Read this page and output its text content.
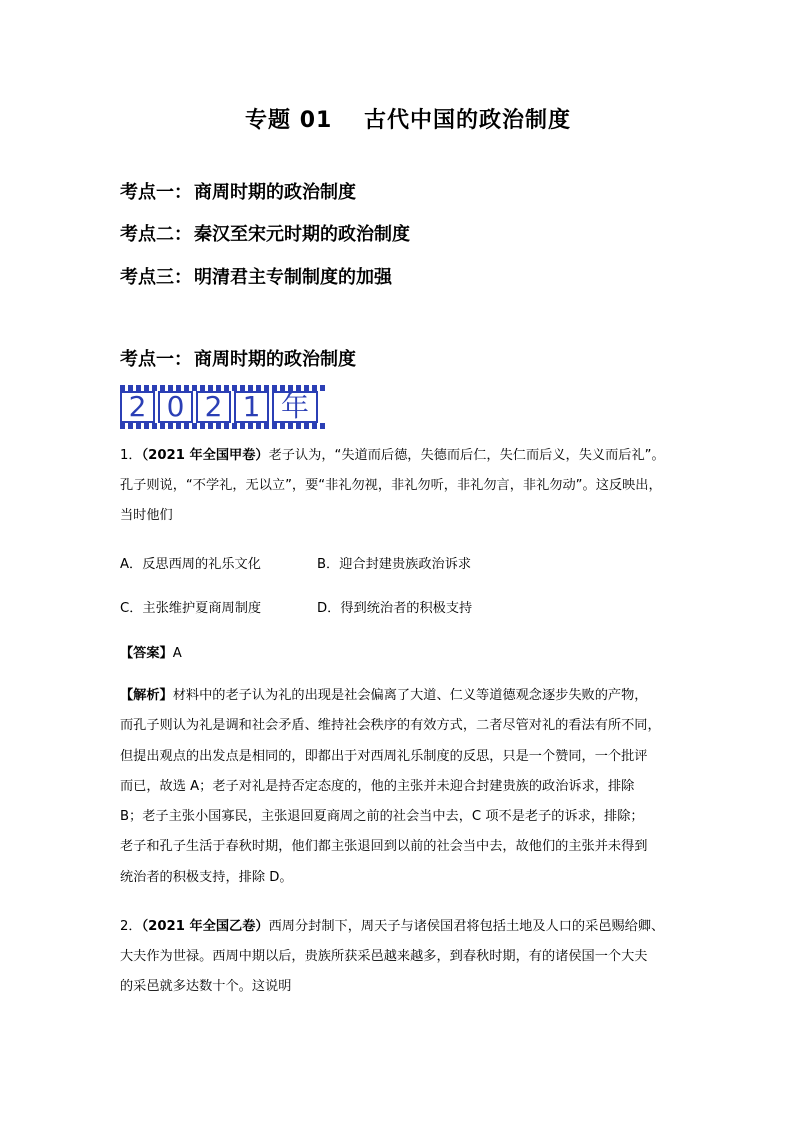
专题 01　 古代中国的政治制度
考点一： 商周时期的政治制度
考点二： 秦汉至宋元时期的政治制度
考点三： 明清君主专制制度的加强
考点一： 商周时期的政治制度
2 0 2 1 年
1．（2021 年全国甲卷）老子认为，“失道而后德，失德而后仁，失仁而后义，失义而后礼”。
孔子则说，“不学礼，无以立”，要“非礼勿视，非礼勿听，非礼勿言，非礼勿动”。这反映出，
当时他们
A．反思西周的礼乐文化	B．迎合封建贵族政治诉求
C．主张维护夏商周制度	D．得到统治者的积极支持
【答案】A
【解析】材料中的老子认为礼的出现是社会偏离了大道、仁义等道德观念逐步失败的产物，
而孔子则认为礼是调和社会矛盾、维持社会秩序的有效方式，二者尽管对礼的看法有所不同，
但提出观点的出发点是相同的，即都出于对西周礼乐制度的反思，只是一个赞同，一个批评
而已，故选 A；老子对礼是持否定态度的，他的主张并未迎合封建贵族的政治诉求，排除
B；老子主张小国寡民，主张退回夏商周之前的社会当中去，C 项不是老子的诉求，排除；
老子和孔子生活于春秋时期，他们都主张退回到以前的社会当中去，故他们的主张并未得到
统治者的积极支持，排除 D。
2．（2021 年全国乙卷）西周分封制下，周天子与诸侯国君将包括土地及人口的采邑赐给卿、
大夫作为世禄。西周中期以后，贵族所获采邑越来越多，到春秋时期，有的诸侯国一个大夫
的采邑就多达数十个。这说明
